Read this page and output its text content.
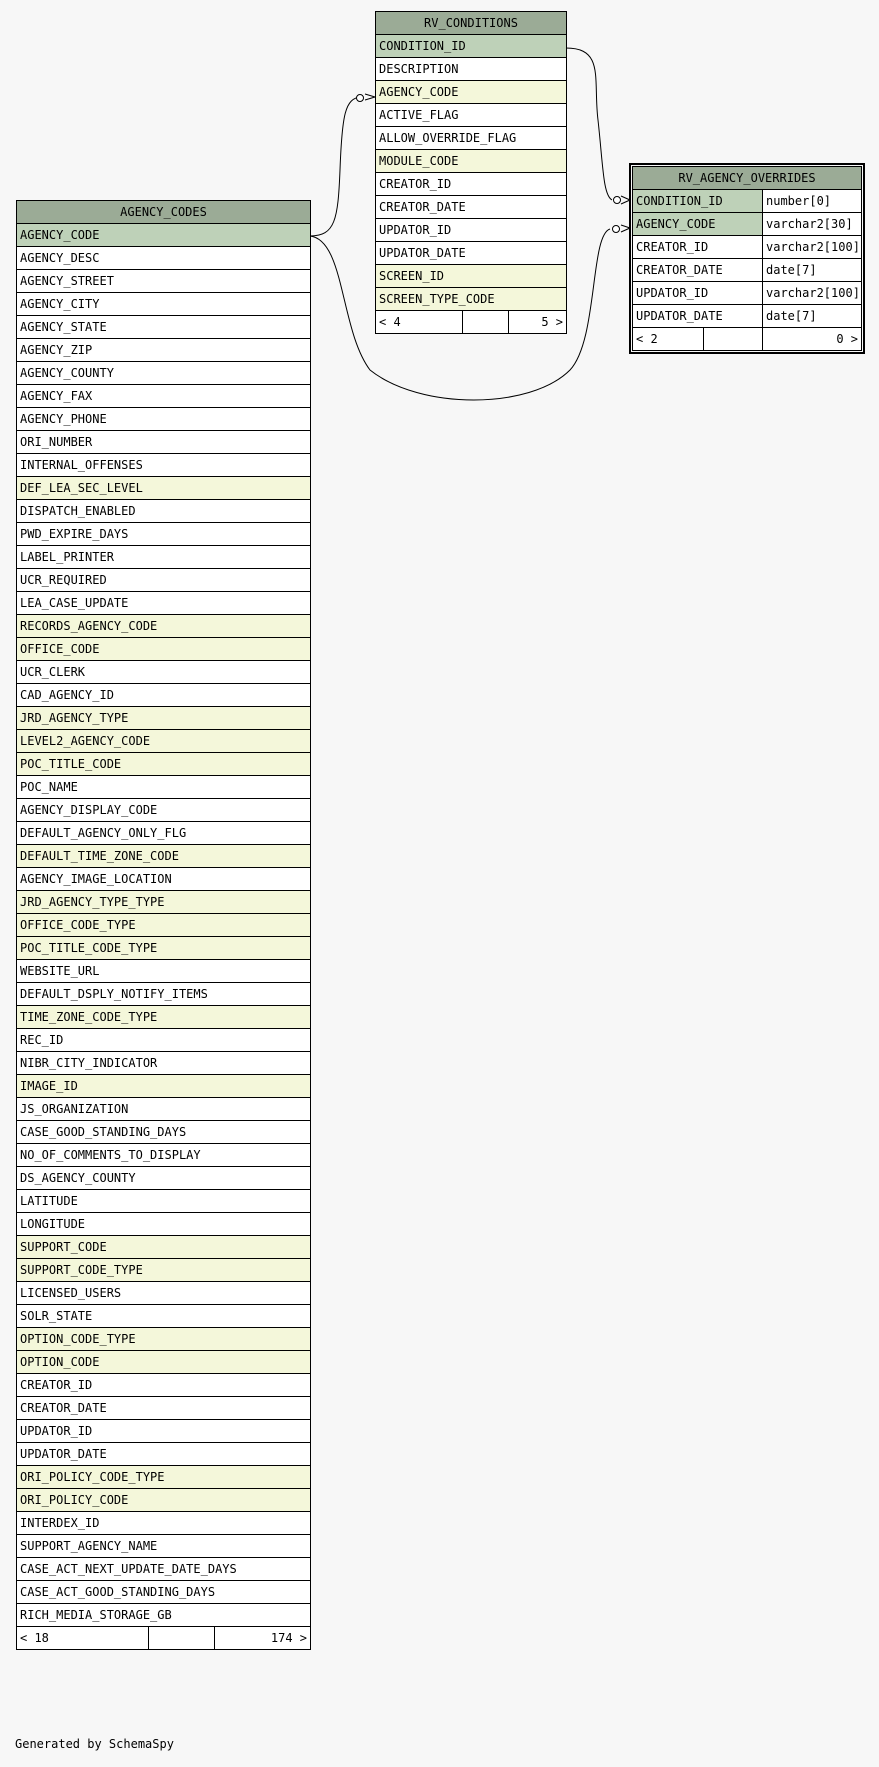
AGENCY_CODES
AGENCY_CODE
AGENCY_DESC
AGENCY_STREET
AGENCY_CITY
AGENCY_STATE
AGENCY_ZIP
AGENCY_COUNTY
AGENCY_FAX
AGENCY_PHONE
ORI_NUMBER
INTERNAL_OFFENSES
DEF_LEA_SEC_LEVEL
DISPATCH_ENABLED
PWD_EXPIRE_DAYS
LABEL_PRINTER
UCR_REQUIRED
LEA_CASE_UPDATE
RECORDS_AGENCY_CODE
OFFICE_CODE
UCR_CLERK
CAD_AGENCY_ID
JRD_AGENCY_TYPE
LEVEL2_AGENCY_CODE
POC_TITLE_CODE
POC_NAME
AGENCY_DISPLAY_CODE
DEFAULT_AGENCY_ONLY_FLG
DEFAULT_TIME_ZONE_CODE
AGENCY_IMAGE_LOCATION
JRD_AGENCY_TYPE_TYPE
OFFICE_CODE_TYPE
POC_TITLE_CODE_TYPE
WEBSITE_URL
DEFAULT_DSPLY_NOTIFY_ITEMS
TIME_ZONE_CODE_TYPE
REC_ID
NIBR_CITY_INDICATOR
IMAGE_ID
JS_ORGANIZATION
CASE_GOOD_STANDING_DAYS
NO_OF_COMMENTS_TO_DISPLAY
DS_AGENCY_COUNTY
LATITUDE
LONGITUDE
SUPPORT_CODE
SUPPORT_CODE_TYPE
LICENSED_USERS
SOLR_STATE
OPTION_CODE_TYPE
OPTION_CODE
CREATOR_ID
CREATOR_DATE
UPDATOR_ID
UPDATOR_DATE
ORI_POLICY_CODE_TYPE
ORI_POLICY_CODE
INTERDEX_ID
SUPPORT_AGENCY_NAME
CASE_ACT_NEXT_UPDATE_DATE_DAYS
CASE_ACT_GOOD_STANDING_DAYS
RICH_MEDIA_STORAGE_GB
< 18		174 >
RV_CONDITIONS
CONDITION_ID
DESCRIPTION
AGENCY_CODE
ACTIVE_FLAG
ALLOW_OVERRIDE_FLAG
MODULE_CODE
CREATOR_ID
CREATOR_DATE
UPDATOR_ID
UPDATOR_DATE
SCREEN_ID
SCREEN_TYPE_CODE
< 4		5 >
RV_AGENCY_OVERRIDES		
CONDITION_ID		number[0]
AGENCY_CODE		varchar2[30]
CREATOR_ID		varchar2[100]
CREATOR_DATE		date[7]
UPDATOR_ID		varchar2[100]
UPDATOR_DATE		date[7]
< 2		0 >
Generated by SchemaSpy
